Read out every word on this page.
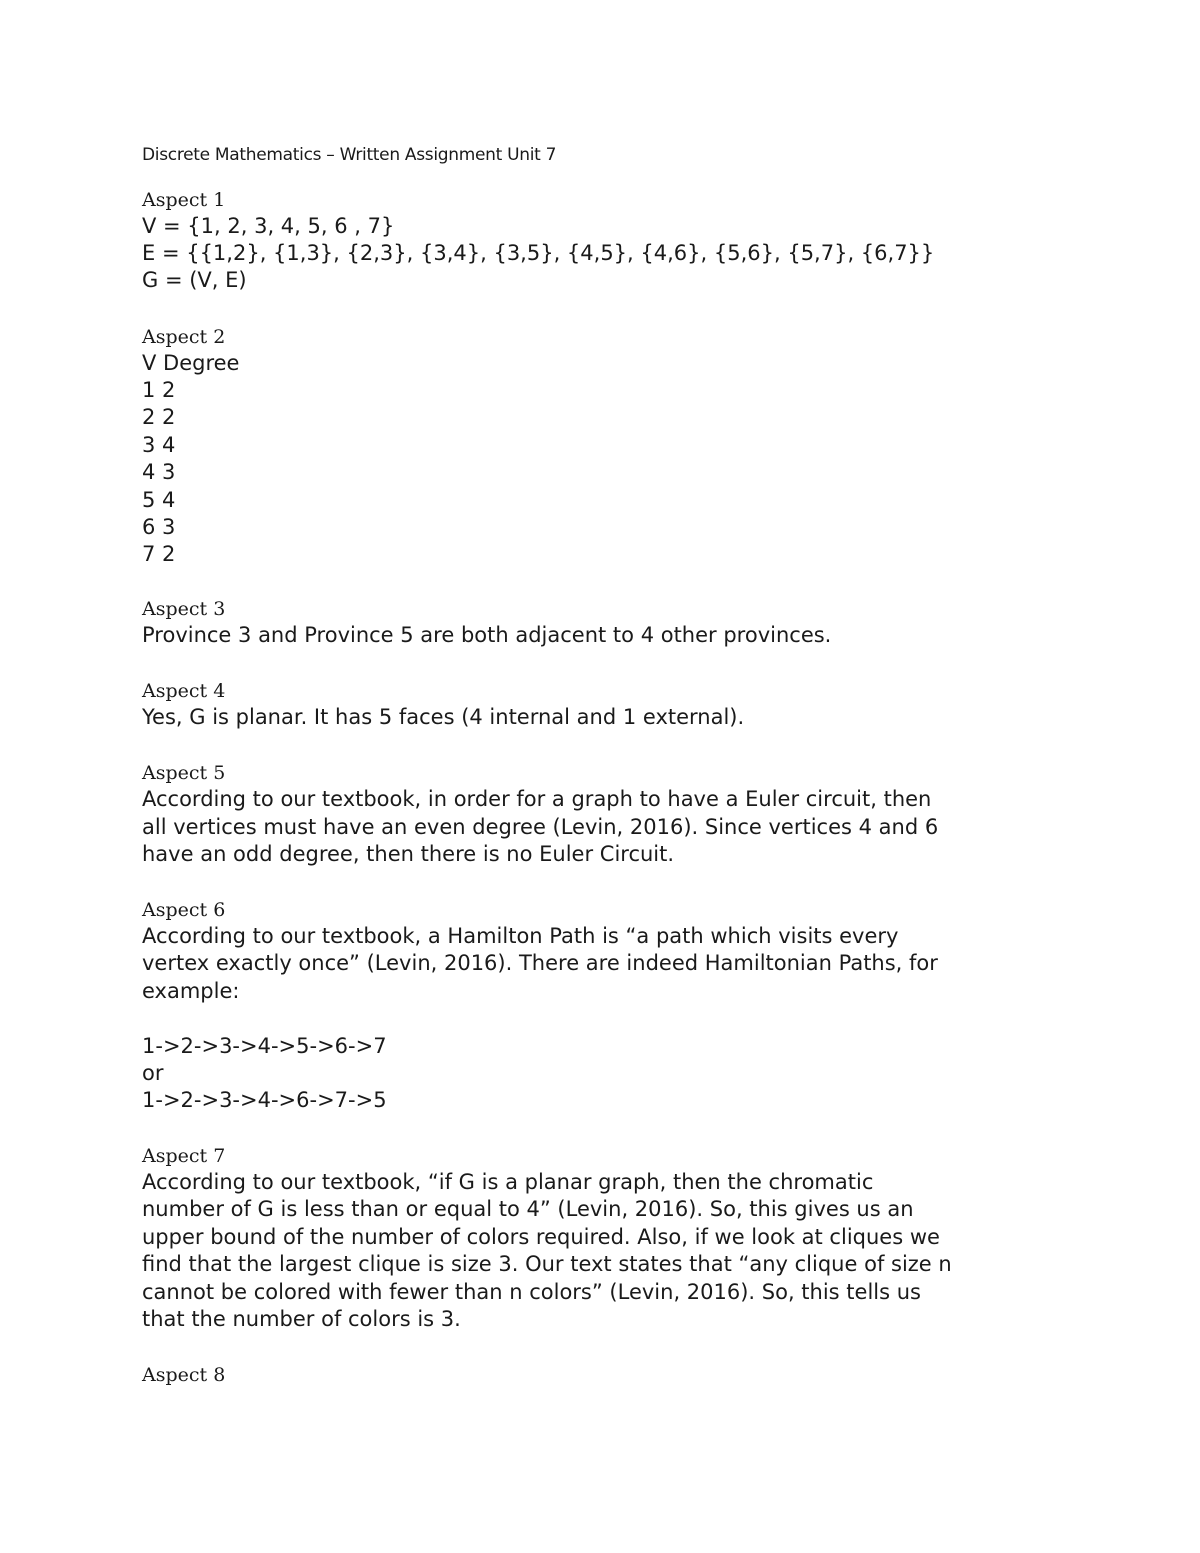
Discrete Mathematics – Written Assignment Unit 7
Aspect 1
V = {1, 2, 3, 4, 5, 6 , 7}
E = {{1,2}, {1,3}, {2,3}, {3,4}, {3,5}, {4,5}, {4,6}, {5,6}, {5,7}, {6,7}}
G = (V, E)
Aspect 2
V Degree
1 2
2 2
3 4
4 3
5 4
6 3
7 2
Aspect 3
Province 3 and Province 5 are both adjacent to 4 other provinces.
Aspect 4
Yes, G is planar. It has 5 faces (4 internal and 1 external).
Aspect 5
According to our textbook, in order for a graph to have a Euler circuit, then
all vertices must have an even degree (Levin, 2016). Since vertices 4 and 6
have an odd degree, then there is no Euler Circuit.
Aspect 6
According to our textbook, a Hamilton Path is “a path which visits every
vertex exactly once” (Levin, 2016). There are indeed Hamiltonian Paths, for
example:
1->2->3->4->5->6->7
or
1->2->3->4->6->7->5
Aspect 7
According to our textbook, “if G is a planar graph, then the chromatic
number of G is less than or equal to 4” (Levin, 2016). So, this gives us an
upper bound of the number of colors required. Also, if we look at cliques we
find that the largest clique is size 3. Our text states that “any clique of size n
cannot be colored with fewer than n colors” (Levin, 2016). So, this tells us
that the number of colors is 3.
Aspect 8
